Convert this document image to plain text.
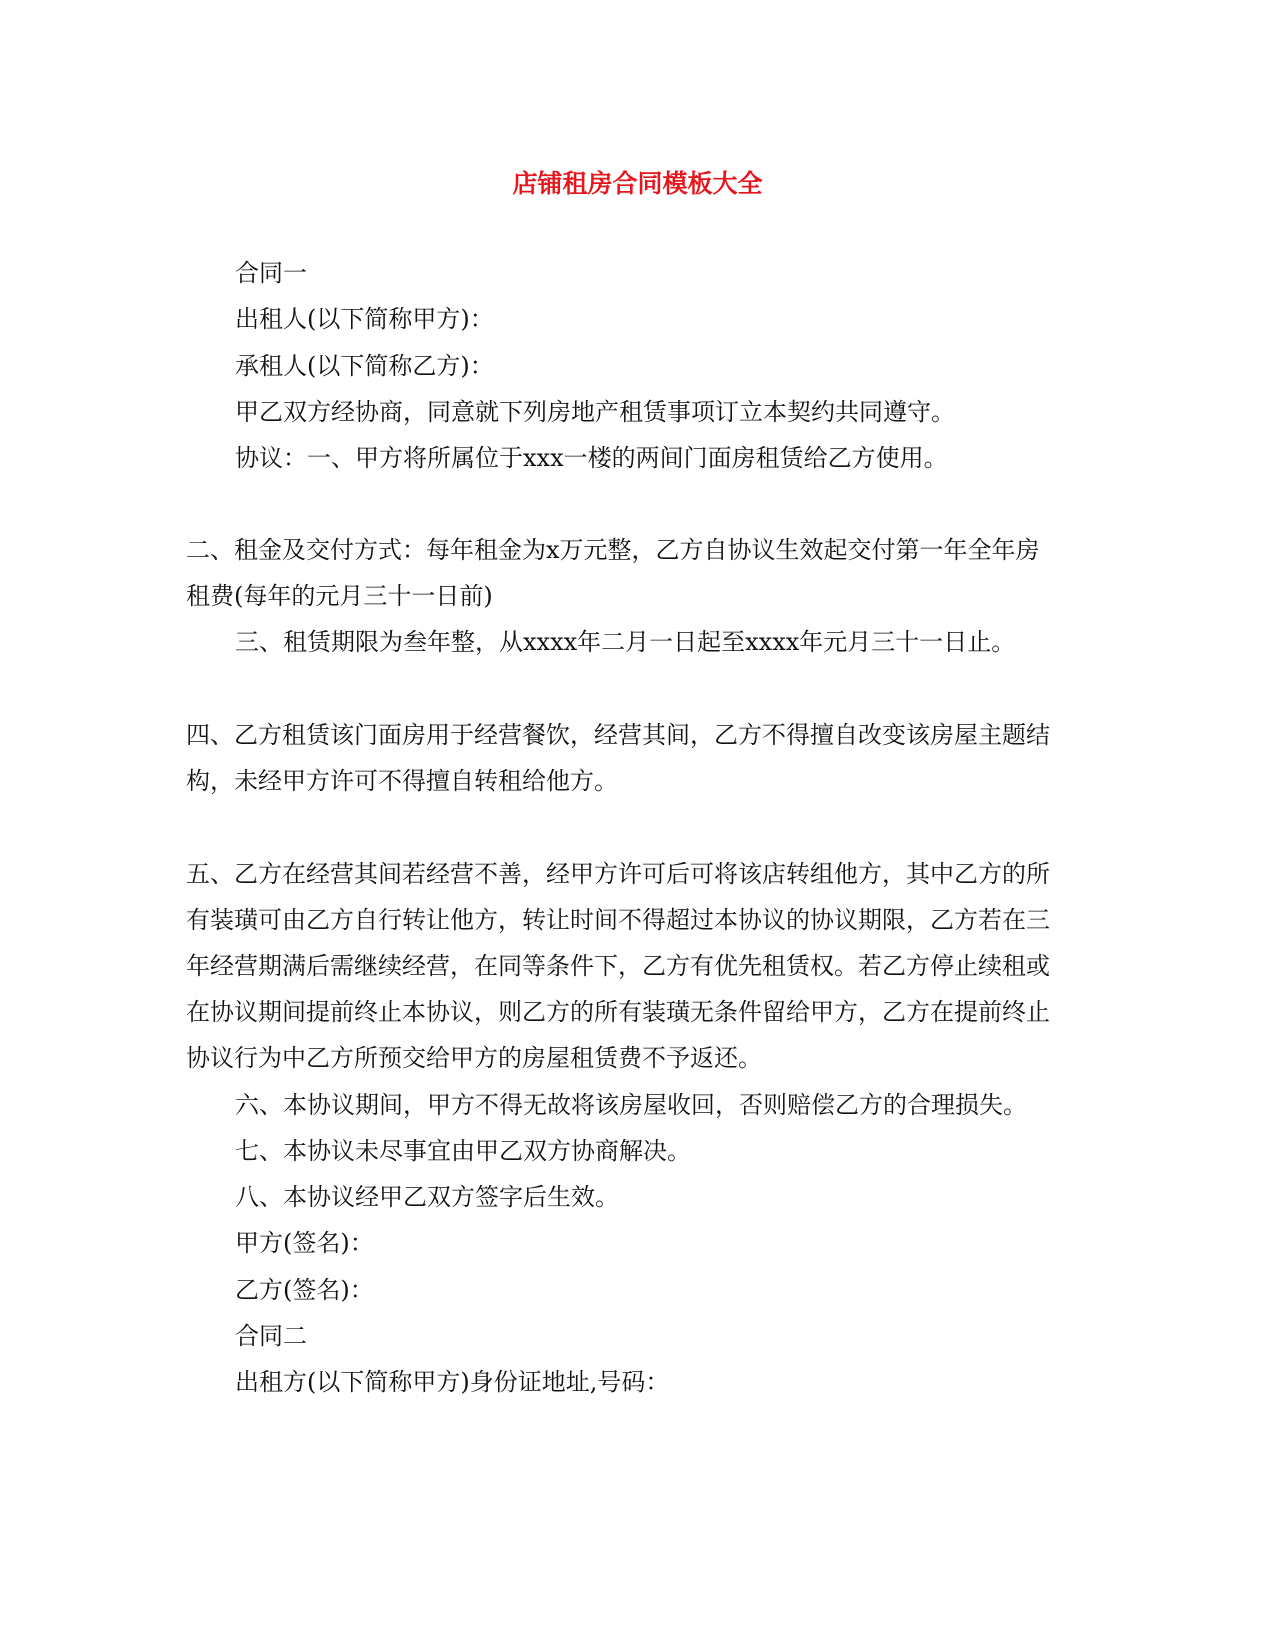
店铺租房合同模板大全

合同一

出租人(以下简称甲方)：

承租人(以下简称乙方)：

甲乙双方经协商，同意就下列房地产租赁事项订立本契约共同遵守。

协议：一、甲方将所属位于xxx一楼的两间门面房租赁给乙方使用。

二、租金及交付方式：每年租金为x万元整，乙方自协议生效起交付第一年全年房

租费(每年的元月三十一日前)

三、租赁期限为叁年整，从xxxx年二月一日起至xxxx年元月三十一日止。

四、乙方租赁该门面房用于经营餐饮，经营其间，乙方不得擅自改变该房屋主题结

构，未经甲方许可不得擅自转租给他方。

五、乙方在经营其间若经营不善，经甲方许可后可将该店转组他方，其中乙方的所

有装璜可由乙方自行转让他方，转让时间不得超过本协议的协议期限，乙方若在三

年经营期满后需继续经营，在同等条件下，乙方有优先租赁权。若乙方停止续租或

在协议期间提前终止本协议，则乙方的所有装璜无条件留给甲方，乙方在提前终止

协议行为中乙方所预交给甲方的房屋租赁费不予返还。

六、本协议期间，甲方不得无故将该房屋收回，否则赔偿乙方的合理损失。

七、本协议未尽事宜由甲乙双方协商解决。

八、本协议经甲乙双方签字后生效。

甲方(签名)：

乙方(签名)：

合同二

出租方(以下简称甲方)身份证地址,号码：
